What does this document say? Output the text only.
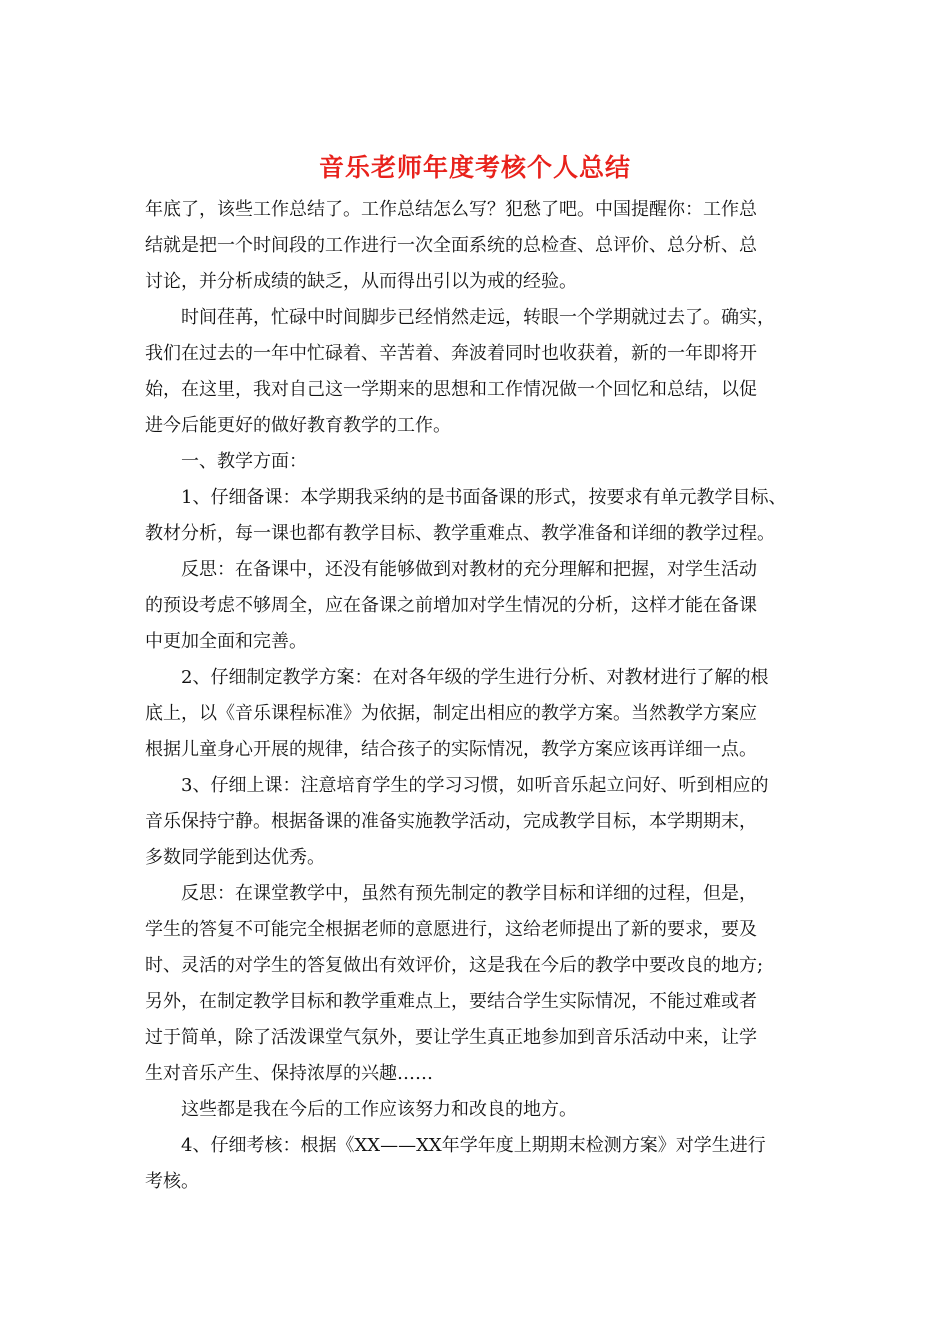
音乐老师年度考核个人总结

年底了，该些工作总结了。工作总结怎么写？犯愁了吧。中国提醒你：工作总
结就是把一个时间段的工作进行一次全面系统的总检查、总评价、总分析、总
讨论，并分析成绩的缺乏，从而得出引以为戒的经验。

时间荏苒，忙碌中时间脚步已经悄然走远，转眼一个学期就过去了。确实，
我们在过去的一年中忙碌着、辛苦着、奔波着同时也收获着，新的一年即将开
始，在这里，我对自己这一学期来的思想和工作情况做一个回忆和总结，以促
进今后能更好的做好教育教学的工作。

一、教学方面：

1、仔细备课：本学期我采纳的是书面备课的形式，按要求有单元教学目标、
教材分析，每一课也都有教学目标、教学重难点、教学准备和详细的教学过程。

反思：在备课中，还没有能够做到对教材的充分理解和把握，对学生活动
的预设考虑不够周全，应在备课之前增加对学生情况的分析，这样才能在备课
中更加全面和完善。

2、仔细制定教学方案：在对各年级的学生进行分析、对教材进行了解的根
底上，以《音乐课程标准》为依据，制定出相应的教学方案。当然教学方案应
根据儿童身心开展的规律，结合孩子的实际情况，教学方案应该再详细一点。

3、仔细上课：注意培育学生的学习习惯，如听音乐起立问好、听到相应的
音乐保持宁静。根据备课的准备实施教学活动，完成教学目标，本学期期末，
多数同学能到达优秀。

反思：在课堂教学中，虽然有预先制定的教学目标和详细的过程，但是，
学生的答复不可能完全根据老师的意愿进行，这给老师提出了新的要求，要及
时、灵活的对学生的答复做出有效评价，这是我在今后的教学中要改良的地方;
另外，在制定教学目标和教学重难点上，要结合学生实际情况，不能过难或者
过于简单，除了活泼课堂气氛外，要让学生真正地参加到音乐活动中来，让学
生对音乐产生、保持浓厚的兴趣……

这些都是我在今后的工作应该努力和改良的地方。

4、仔细考核：根据《XX——XX年学年度上期期末检测方案》对学生进行
考核。
